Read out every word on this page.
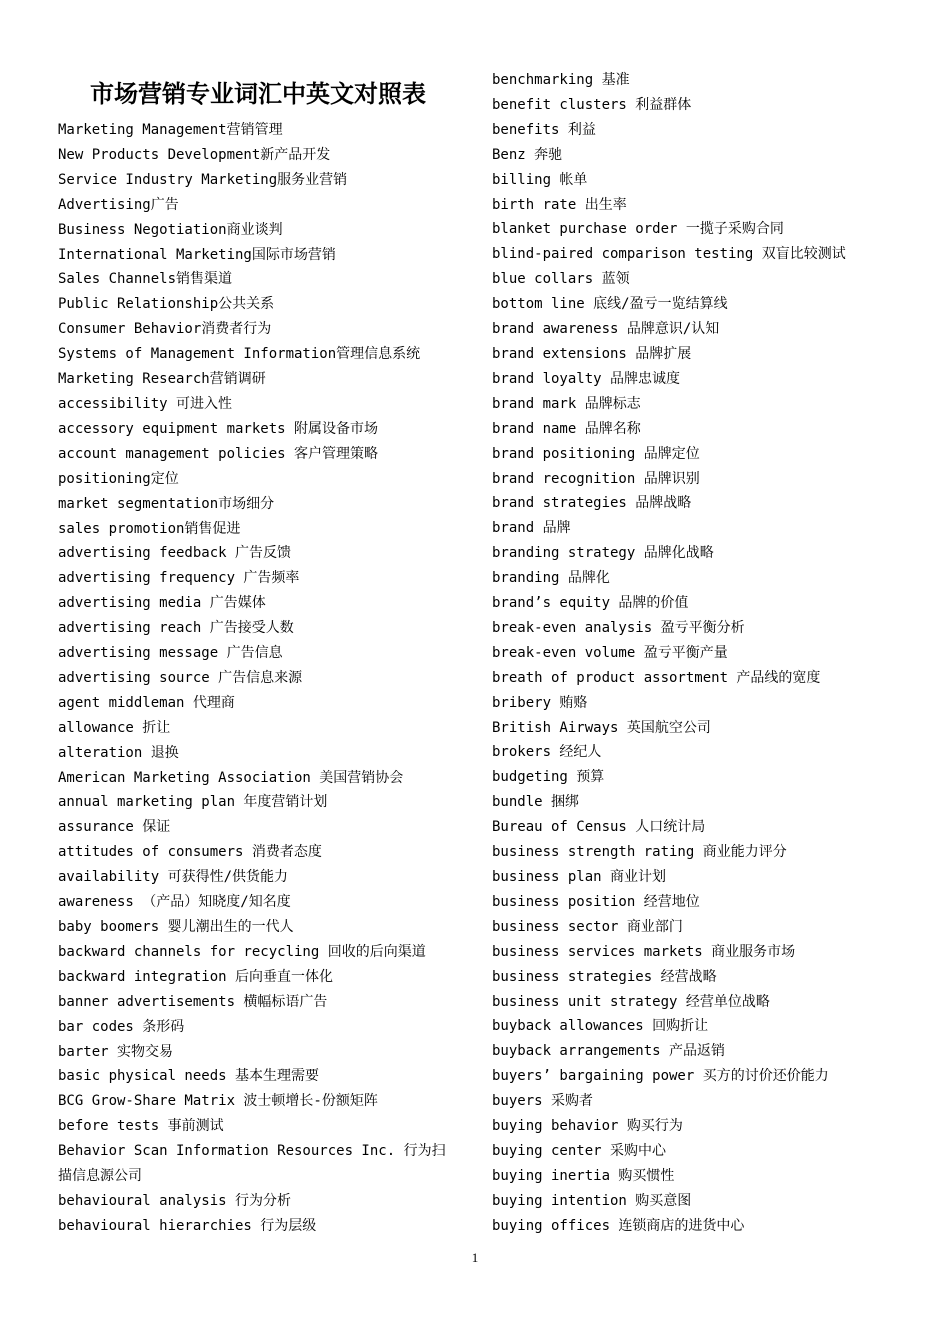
市场营销专业词汇中英文对照表
Marketing Management营销管理
New Products Development新产品开发
Service Industry Marketing服务业营销
Advertising广告
Business Negotiation商业谈判
International Marketing国际市场营销
Sales Channels销售渠道
Public Relationship公共关系
Consumer Behavior消费者行为
Systems of Management Information管理信息系统
Marketing Research营销调研
accessibility 可进入性
accessory equipment markets 附属设备市场
account management policies 客户管理策略
positioning定位
market segmentation市场细分
sales promotion销售促进
advertising feedback 广告反馈
advertising frequency 广告频率
advertising media 广告媒体
advertising reach 广告接受人数
advertising message 广告信息
advertising source 广告信息来源
agent middleman 代理商
allowance 折让
alteration 退换
American Marketing Association 美国营销协会
annual marketing plan 年度营销计划
assurance 保证
attitudes of consumers 消费者态度
availability 可获得性/供货能力
awareness （产品）知晓度/知名度
baby boomers 婴儿潮出生的一代人
backward channels for recycling 回收的后向渠道
backward integration 后向垂直一体化
banner advertisements 横幅标语广告
bar codes 条形码
barter 实物交易
basic physical needs 基本生理需要
BCG Grow-Share Matrix 波士顿增长-份额矩阵
before tests 事前测试
Behavior Scan Information Resources Inc. 行为扫描信息源公司
behavioural analysis 行为分析
behavioural hierarchies 行为层级
benchmarking 基准
benefit clusters 利益群体
benefits 利益
Benz 奔驰
billing 帐单
birth rate 出生率
blanket purchase order 一揽子采购合同
blind-paired comparison testing 双盲比较测试
blue collars 蓝领
bottom line 底线/盈亏一览结算线
brand awareness 品牌意识/认知
brand extensions 品牌扩展
brand loyalty 品牌忠诚度
brand mark 品牌标志
brand name 品牌名称
brand positioning 品牌定位
brand recognition 品牌识别
brand strategies 品牌战略
brand 品牌
branding strategy 品牌化战略
branding 品牌化
brand’s equity 品牌的价值
break-even analysis 盈亏平衡分析
break-even volume 盈亏平衡产量
breath of product assortment 产品线的宽度
bribery 贿赂
British Airways 英国航空公司
brokers 经纪人
budgeting 预算
bundle 捆绑
Bureau of Census 人口统计局
business strength rating 商业能力评分
business plan 商业计划
business position 经营地位
business sector 商业部门
business services markets 商业服务市场
business strategies 经营战略
business unit strategy 经营单位战略
buyback allowances 回购折让
buyback arrangements 产品返销
buyers’ bargaining power 买方的讨价还价能力
buyers 采购者
buying behavior 购买行为
buying center 采购中心
buying inertia 购买惯性
buying intention 购买意图
buying offices 连锁商店的进货中心
1
